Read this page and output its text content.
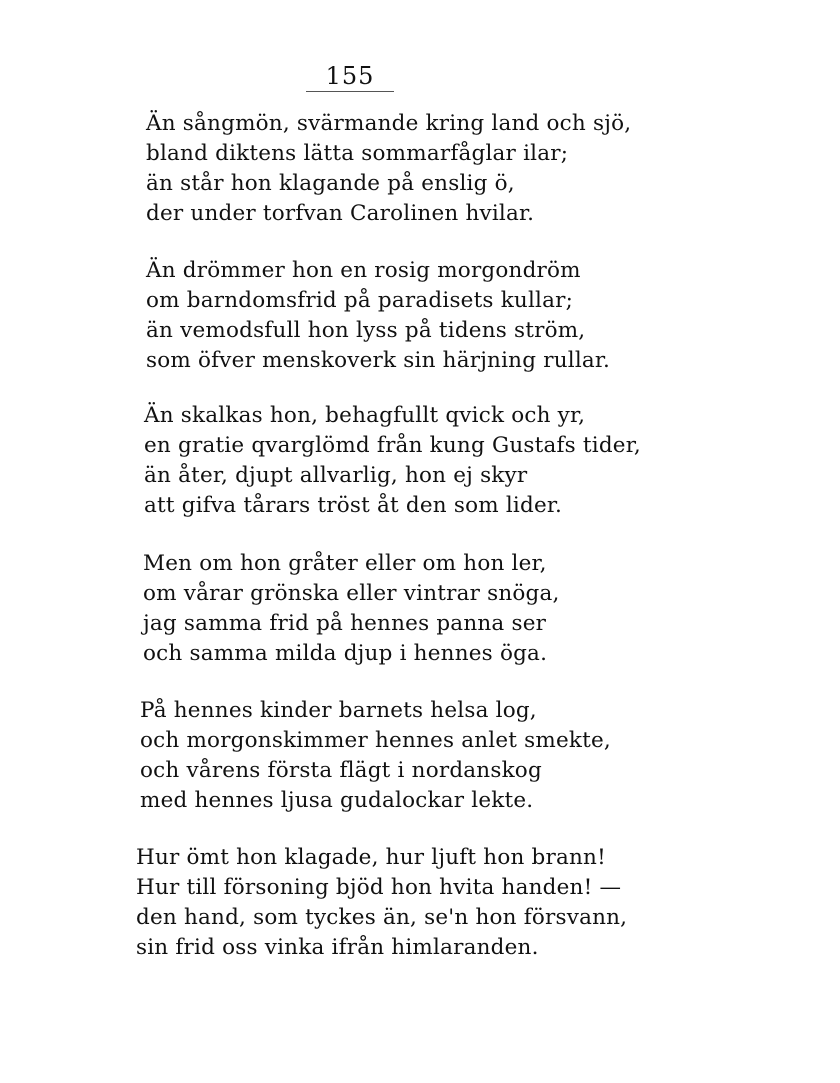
155
Än sångmön, svärmande kring land och sjö,
bland diktens lätta sommarfåglar ilar;
än står hon klagande på enslig ö,
der under torfvan Carolinen hvilar.
Än drömmer hon en rosig morgondröm
om barndomsfrid på paradisets kullar;
än vemodsfull hon lyss på tidens ström,
som öfver menskoverk sin härjning rullar.
Än skalkas hon, behagfullt qvick och yr,
en gratie qvarglömd från kung Gustafs tider,
än åter, djupt allvarlig, hon ej skyr
att gifva tårars tröst åt den som lider.
Men om hon gråter eller om hon ler,
om vårar grönska eller vintrar snöga,
jag samma frid på hennes panna ser
och samma milda djup i hennes öga.
På hennes kinder barnets helsa log,
och morgonskimmer hennes anlet smekte,
och vårens första flägt i nordanskog
med hennes ljusa gudalockar lekte.
Hur ömt hon klagade, hur ljuft hon brann!
Hur till försoning bjöd hon hvita handen! —
den hand, som tyckes än, se'n hon försvann,
sin frid oss vinka ifrån himlaranden.
